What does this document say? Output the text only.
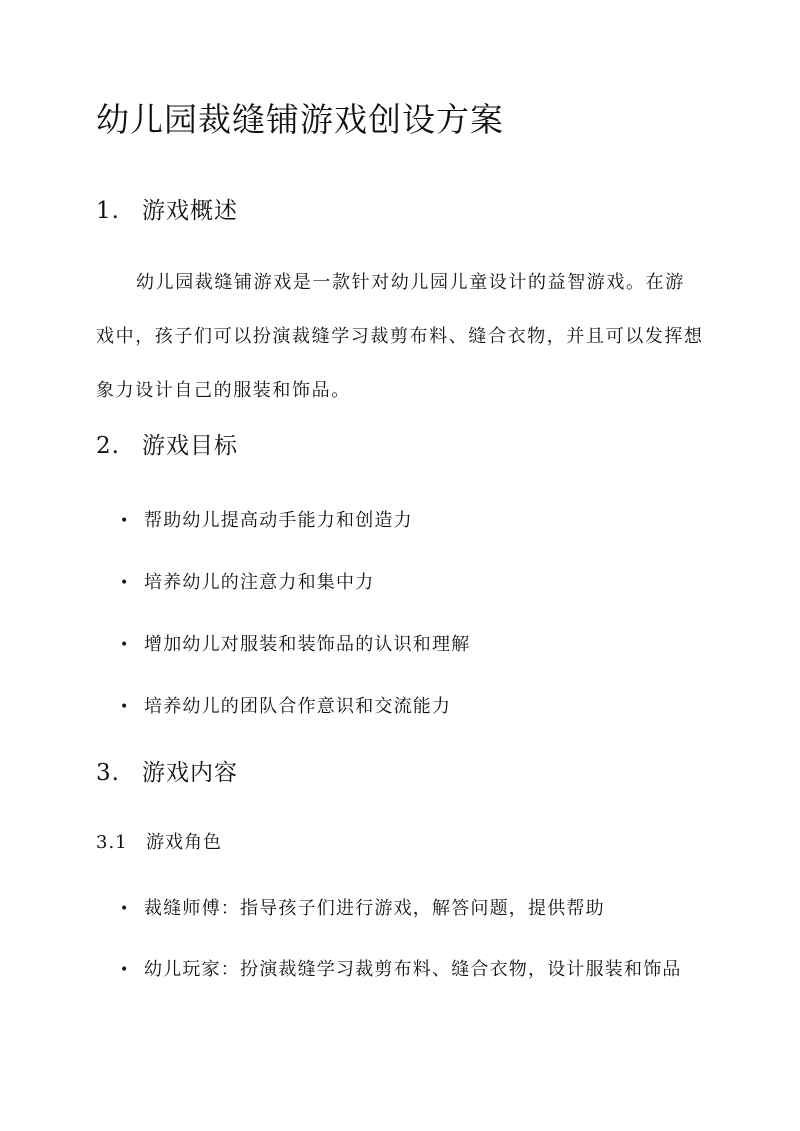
幼儿园裁缝铺游戏创设方案
1. 游戏概述

幼儿园裁缝铺游戏是一款针对幼儿园儿童设计的益智游戏。在游戏中，孩子们可以扮演裁缝学习裁剪布料、缝合衣物，并且可以发挥想象力设计自己的服装和饰品。

2. 游戏目标
• 帮助幼儿提高动手能力和创造力
• 培养幼儿的注意力和集中力
• 增加幼儿对服装和装饰品的认识和理解
• 培养幼儿的团队合作意识和交流能力
3. 游戏内容
3.1 游戏角色
• 裁缝师傅：指导孩子们进行游戏，解答问题，提供帮助
• 幼儿玩家：扮演裁缝学习裁剪布料、缝合衣物，设计服装和饰品
